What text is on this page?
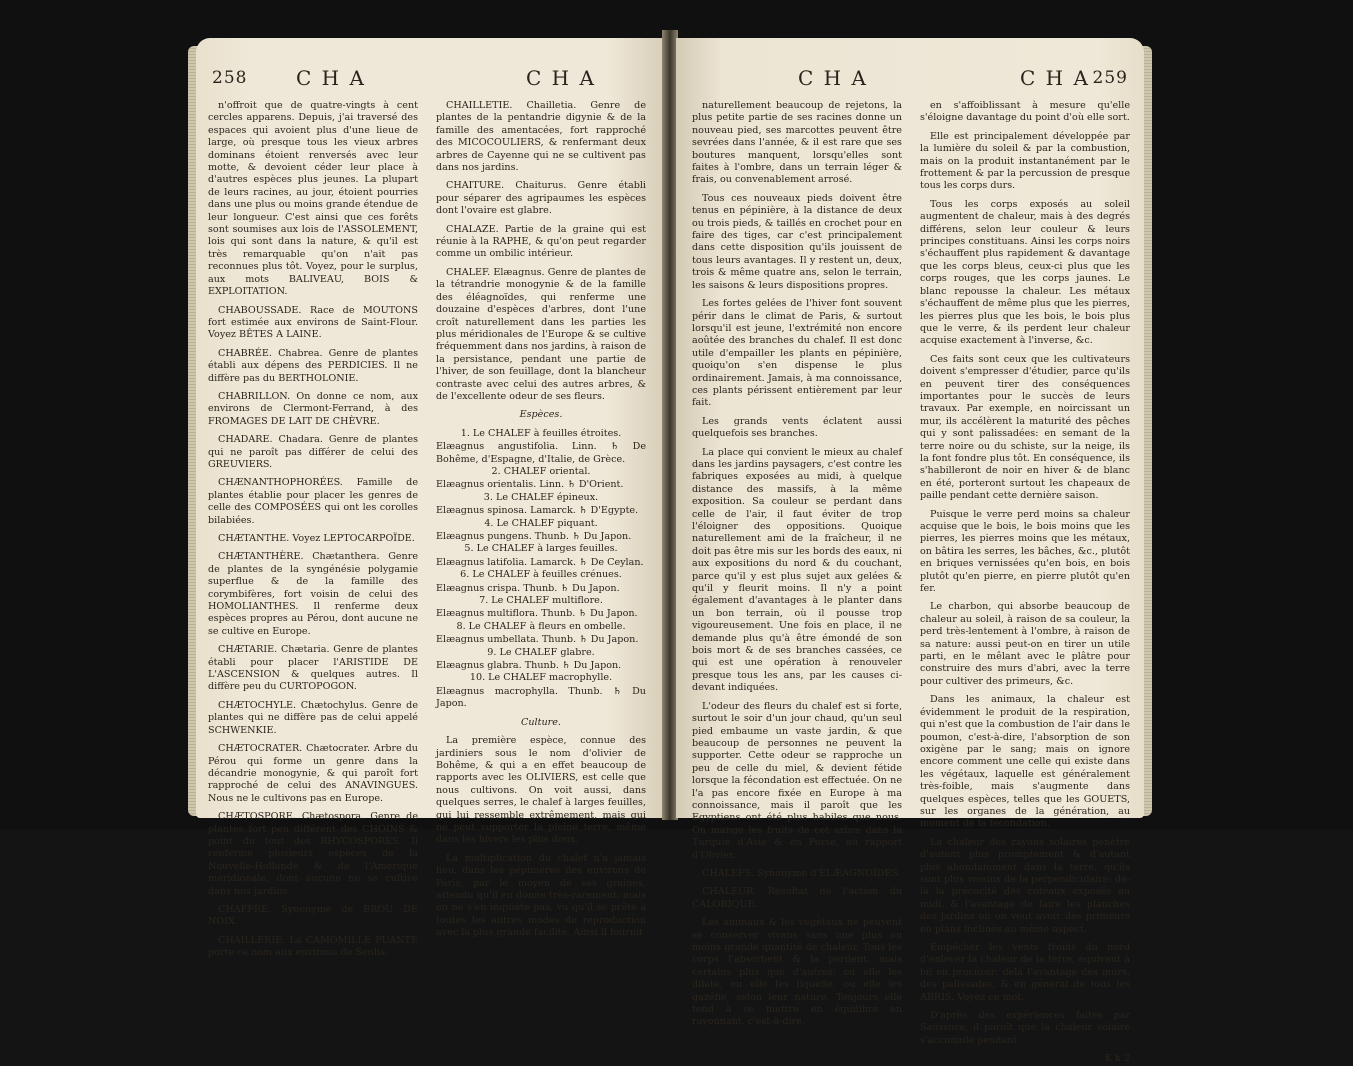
258 C H A	C H A

n'offroit que de quatre-vingts à cent cercles apparens. Depuis, j'ai traversé des espaces qui avoient plus d'une lieue de large, où presque tous les vieux arbres dominans étoient renversés avec leur motte, & devoient céder leur place à d'autres espèces plus jeunes. La plupart de leurs racines, au jour, étoient pourries dans une plus ou moins grande étendue de leur longueur. C'est ainsi que ces forêts sont soumises aux lois de l'ASSOLEMENT, lois qui sont dans la nature, & qu'il est très remarquable qu'on n'ait pas reconnues plus tôt. Voyez, pour le surplus, aux mots BALIVEAU, BOIS & EXPLOITATION.

CHABOUSSADE. Race de MOUTONS fort estimée aux environs de Saint-Flour. Voyez BÊTES A LAINE.

CHABRÉE. Chabrea. Genre de plantes établi aux dépens des PERDICIES. Il ne diffère pas du BERTHOLONIE.

CHABRILLON. On donne ce nom, aux environs de Clermont-Ferrand, à des FROMAGES DE LAIT DE CHÈVRE.

CHADARE. Chadara. Genre de plantes qui ne paroît pas différer de celui des GREUVIERS.

CHÆNANTHOPHORÉES. Famille de plantes établie pour placer les genres de celle des COMPOSÉES qui ont les corolles bilabiées.

CHÆTANTHE. Voyez LEPTOCARPOÏDE.

CHÆTANTHÈRE. Chætanthera. Genre de plantes de la syngénésie polygamie superflue & de la famille des corymbifères, fort voisin de celui des HOMOLIANTHES. Il renferme deux espèces propres au Pérou, dont aucune ne se cultive en Europe.

CHÆTARIE. Chætaria. Genre de plantes établi pour placer l'ARISTIDE DE L'ASCENSION & quelques autres. Il diffère peu du CURTOPOGON.

CHÆTOCHYLE. Chætochylus. Genre de plantes qui ne diffère pas de celui appelé SCHWENKIE.

CHÆTOCRATER. Chætocrater. Arbre du Pérou qui forme un genre dans la décandrie monogynie, & qui paroît fort rapproché de celui des ANAVINGUES. Nous ne le cultivons pas en Europe.

CHÆTOSPORE. Chætospora. Genre de plantes fort peu différent des CHOINS & point du tout des RHYCOSPORES. Il renferme plusieurs espèces de la Nouvelle-Hollande & de l'Amérique méridionale, dont aucune ne se cultive dans nos jardins.

CHAFFRE. Synonyme de BROU DE NOIX.

CHAILLERIE. La CAMOMILLE PUANTE porte ce nom aux environs de Senlis.

CHAILLETIE. Chailletia. Genre de plantes de la pentandrie digynie & de la famille des amentacées, fort rapproché des MICOCOULIERS, & renfermant deux arbres de Cayenne qui ne se cultivent pas dans nos jardins.

CHAITURE. Chaiturus. Genre établi pour séparer des agripaumes les espèces dont l'ovaire est glabre.

CHALAZE. Partie de la graine qui est réunie à la RAPHE, & qu'on peut regarder comme un ombilic intérieur.

CHALEF. Elæagnus. Genre de plantes de la tétrandrie monogynie & de la famille des éléagnoïdes, qui renferme une douzaine d'espèces d'arbres, dont l'une croît naturellement dans les parties les plus méridionales de l'Europe & se cultive fréquemment dans nos jardins, à raison de la persistance, pendant une partie de l'hiver, de son feuillage, dont la blancheur contraste avec celui des autres arbres, & de l'excellente odeur de ses fleurs.

Espèces.

1. Le CHALEF à feuilles étroites.

Elæagnus angustifolia. Linn. ♄ De Bohême, d'Espagne, d'Italie, de Grèce.

2. CHALEF oriental.

Elæagnus orientalis. Linn. ♄ D'Orient.

3. Le CHALEF épineux.

Elæagnus spinosa. Lamarck. ♄ D'Egypte.

4. Le CHALEF piquant.

Elæagnus pungens. Thunb. ♄ Du Japon.

5. Le CHALEF à larges feuilles.

Elæagnus latifolia. Lamarck. ♄ De Ceylan.

6. Le CHALEF à feuilles crénues.

Elæagnus crispa. Thunb. ♄ Du Japon.

7. Le CHALEF multiflore.

Elæagnus multiflora. Thunb. ♄ Du Japon.

8. Le CHALEF à fleurs en ombelle.

Elæagnus umbellata. Thunb. ♄ Du Japon.

9. Le CHALEF glabre.

Elæagnus glabra. Thunb. ♄ Du Japon.

10. Le CHALEF macrophylle.

Elæagnus macrophylla. Thunb. ♄ Du Japon.

Culture.

La première espèce, connue des jardiniers sous le nom d'olivier de Bohême, & qui a en effet beaucoup de rapports avec les OLIVIERS, est celle que nous cultivons. On voit aussi, dans quelques serres, le chalef à larges feuilles, qui lui ressemble extrêmement, mais qui ne peut supporter la pleine terre, même dans les hivers les plus doux.

La multiplication du chalef n'a jamais lieu, dans les pépinières des environs de Paris, par le moyen de ses graines, attendu qu'il en donne très-rarement; mais on ne s'en inquiète pas, vu qu'il se prête à toutes les autres modes de reproduction avec la plus grande facilité. Ainsi il fournit

C H A	C H A 259

naturellement beaucoup de rejetons, la plus petite partie de ses racines donne un nouveau pied, ses marcottes peuvent être sevrées dans l'année, & il est rare que ses boutures manquent, lorsqu'elles sont faites à l'ombre, dans un terrain léger & frais, ou convenablement arrosé.

Tous ces nouveaux pieds doivent être tenus en pépinière, à la distance de deux ou trois pieds, & taillés en crochet pour en faire des tiges, car c'est principalement dans cette disposition qu'ils jouissent de tous leurs avantages. Il y restent un, deux, trois & même quatre ans, selon le terrain, les saisons & leurs dispositions propres.

Les fortes gelées de l'hiver font souvent périr dans le climat de Paris, & surtout lorsqu'il est jeune, l'extrémité non encore aoûtée des branches du chalef. Il est donc utile d'empailler les plants en pépinière, quoiqu'on s'en dispense le plus ordinairement. Jamais, à ma connoissance, ces plants périssent entièrement par leur fait.

Les grands vents éclatent aussi quelquefois ses branches.

La place qui convient le mieux au chalef dans les jardins paysagers, c'est contre les fabriques exposées au midi, à quelque distance des massifs, à la même exposition. Sa couleur se perdant dans celle de l'air, il faut éviter de trop l'éloigner des oppositions. Quoique naturellement ami de la fraîcheur, il ne doit pas être mis sur les bords des eaux, ni aux expositions du nord & du couchant, parce qu'il y est plus sujet aux gelées & qu'il y fleurit moins. Il n'y a point également d'avantages à le planter dans un bon terrain, où il pousse trop vigoureusement. Une fois en place, il ne demande plus qu'à être émondé de son bois mort & de ses branches cassées, ce qui est une opération à renouveler presque tous les ans, par les causes ci-devant indiquées.

L'odeur des fleurs du chalef est si forte, surtout le soir d'un jour chaud, qu'un seul pied embaume un vaste jardin, & que beaucoup de personnes ne peuvent la supporter. Cette odeur se rapproche un peu de celle du miel, & devient fétide lorsque la fécondation est effectuée. On ne l'a pas encore fixée en Europe à ma connoissance, mais il paroît que les Egyptiens ont été plus habiles que nous. On mange les fruits de cet arbre dans la Turquie d'Asie & en Perse, au rapport d'Olivier.

CHALEFS. Synonyme d'ELÆAGNOÏDES.

CHALEUR. Résultat de l'action du CALORIQUE.

Les animaux & les végétaux ne peuvent se conserver vivans sans une plus ou moins grande quantité de chaleur. Tous les corps l'absorbent & la perdent, mais certains plus que d'autres: ou elle les dilate, ou elle les liquéfie, ou elle les gazéfie, selon leur nature. Toujours elle tend à se mettre en équilibre en rayonnant, c'est-à-dire,

en s'affoiblissant à mesure qu'elle s'éloigne davantage du point d'où elle sort.

Elle est principalement développée par la lumière du soleil & par la combustion, mais on la produit instantanément par le frottement & par la percussion de presque tous les corps durs.

Tous les corps exposés au soleil augmentent de chaleur, mais à des degrés différens, selon leur couleur & leurs principes constituans. Ainsi les corps noirs s'échauffent plus rapidement & davantage que les corps bleus, ceux-ci plus que les corps rouges, que les corps jaunes. Le blanc repousse la chaleur. Les métaux s'échauffent de même plus que les pierres, les pierres plus que les bois, le bois plus que le verre, & ils perdent leur chaleur acquise exactement à l'inverse, &c.

Ces faits sont ceux que les cultivateurs doivent s'empresser d'étudier, parce qu'ils en peuvent tirer des conséquences importantes pour le succès de leurs travaux. Par exemple, en noircissant un mur, ils accélèrent la maturité des pêches qui y sont palissadées: en semant de la terre noire ou du schiste, sur la neige, ils la font fondre plus tôt. En conséquence, ils s'habilleront de noir en hiver & de blanc en été, porteront surtout les chapeaux de paille pendant cette dernière saison.

Puisque le verre perd moins sa chaleur acquise que le bois, le bois moins que les pierres, les pierres moins que les métaux, on bâtira les serres, les bâches, &c., plutôt en briques vernissées qu'en bois, en bois plutôt qu'en pierre, en pierre plutôt qu'en fer.

Le charbon, qui absorbe beaucoup de chaleur au soleil, à raison de sa couleur, la perd très-lentement à l'ombre, à raison de sa nature: aussi peut-on en tirer un utile parti, en le mêlant avec le plâtre pour construire des murs d'abri, avec la terre pour cultiver des primeurs, &c.

Dans les animaux, la chaleur est évidemment le produit de la respiration, qui n'est que la combustion de l'air dans le poumon, c'est-à-dire, l'absorption de son oxigène par le sang; mais on ignore encore comment une celle qui existe dans les végétaux, laquelle est généralement très-foible, mais s'augmente dans quelques espèces, telles que les GOUETS, sur les organes de la génération, au moment de la fécondation.

La chaleur des rayons solaires pénètre d'autant plus promptement & d'autant plus abondamment dans la terre, qu'ils sont plus voisins de la perpendiculaire: de-là la précocité des coteaux exposés au midi, & l'avantage de faire les planches des jardins où on veut avoir des primeurs en plans inclinés au même aspect.

Empêcher les vents froids du nord d'enlever la chaleur de la terre, équivaut à lui en procurer: delà l'avantage des murs, des palissades, & en général de tous les ABRIS. Voyez ce mot.

D'après des expériences faites par Saussure, il paroît que la chaleur solaire s'accumule pendant

K k 2
